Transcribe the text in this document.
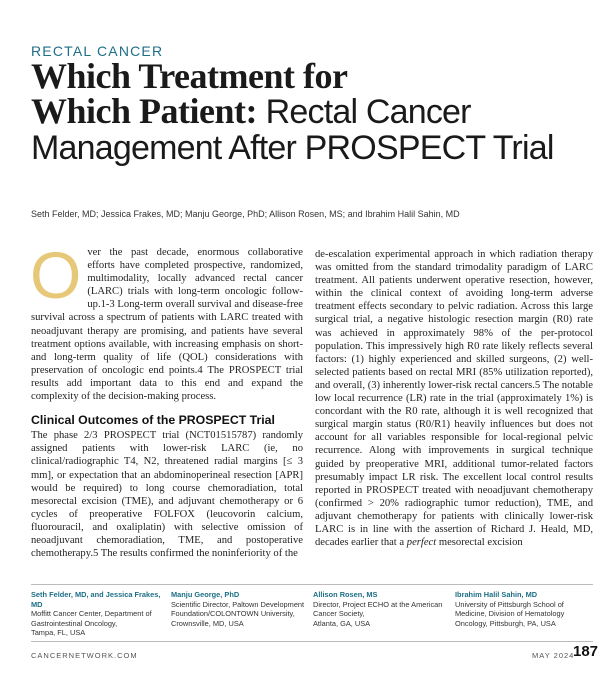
RECTAL CANCER
Which Treatment for
Which Patient: Rectal Cancer
Management After PROSPECT Trial
Seth Felder, MD; Jessica Frakes, MD; Manju George, PhD; Allison Rosen, MS; and Ibrahim Halil Sahin, MD

Over the past decade, enormous collaborative efforts have completed prospective, randomized, multimodality, locally advanced rectal cancer (LARC) trials with long-term oncologic follow-up.1-3 Long-term overall survival and disease-free survival across a spectrum of patients with LARC treated with neoadjuvant therapy are promising, and patients have several treatment options available, with increasing emphasis on short- and long-term quality of life (QOL) considerations with preservation of oncologic end points.4 The PROSPECT trial results add important data to this end and expand the complexity of the decision-making process.

Clinical Outcomes of the PROSPECT Trial

The phase 2/3 PROSPECT trial (NCT01515787) randomly assigned patients with lower-risk LARC (ie, no clinical/radiographic T4, N2, threatened radial margins [≤ 3 mm], or expectation that an abdominoperineal resection [APR] would be required) to long course chemoradiation, total mesorectal excision (TME), and adjuvant chemotherapy or 6 cycles of preoperative FOLFOX (leucovorin calcium, fluorouracil, and oxaliplatin) with selective omission of neoadjuvant chemoradiation, TME, and postoperative chemotherapy.5 The results confirmed the noninferiority of the

de-escalation experimental approach in which radiation therapy was omitted from the standard trimodality paradigm of LARC treatment. All patients underwent operative resection, however, within the clinical context of avoiding long-term adverse treatment effects secondary to pelvic radiation. Across this large surgical trial, a negative histologic resection margin (R0) rate was achieved in approximately 98% of the per-protocol population. This impressively high R0 rate likely reflects several factors: (1) highly experienced and skilled surgeons, (2) well-selected patients based on rectal MRI (85% utilization reported), and overall, (3) inherently lower-risk rectal cancers.5 The notable low local recurrence (LR) rate in the trial (approximately 1%) is concordant with the R0 rate, although it is well recognized that surgical margin status (R0/R1) heavily influences but does not account for all variables responsible for local-regional pelvic recurrence. Along with improvements in surgical technique guided by preoperative MRI, additional tumor-related factors presumably impact LR risk. The excellent local control results reported in PROSPECT treated with neoadjuvant chemotherapy (confirmed > 20% radiographic tumor reduction), TME, and adjuvant chemotherapy for patients with clinically lower-risk LARC is in line with the assertion of Richard J. Heald, MD, decades earlier that a perfect mesorectal excision

Seth Felder, MD, and Jessica Frakes, MD
Moffitt Cancer Center, Department of
Gastrointestinal Oncology,
Tampa, FL, USA
Manju George, PhD
Scientific Director, Paltown Development
Foundation/COLONTOWN University,
Crownsville, MD, USA
Allison Rosen, MS
Director, Project ECHO at the American
Cancer Society,
Atlanta, GA, USA
Ibrahim Halil Sahin, MD
University of Pittsburgh School of
Medicine, Division of Hematology
Oncology, Pittsburgh, PA, USA
CANCERNETWORK.COM	MAY 2024
187
